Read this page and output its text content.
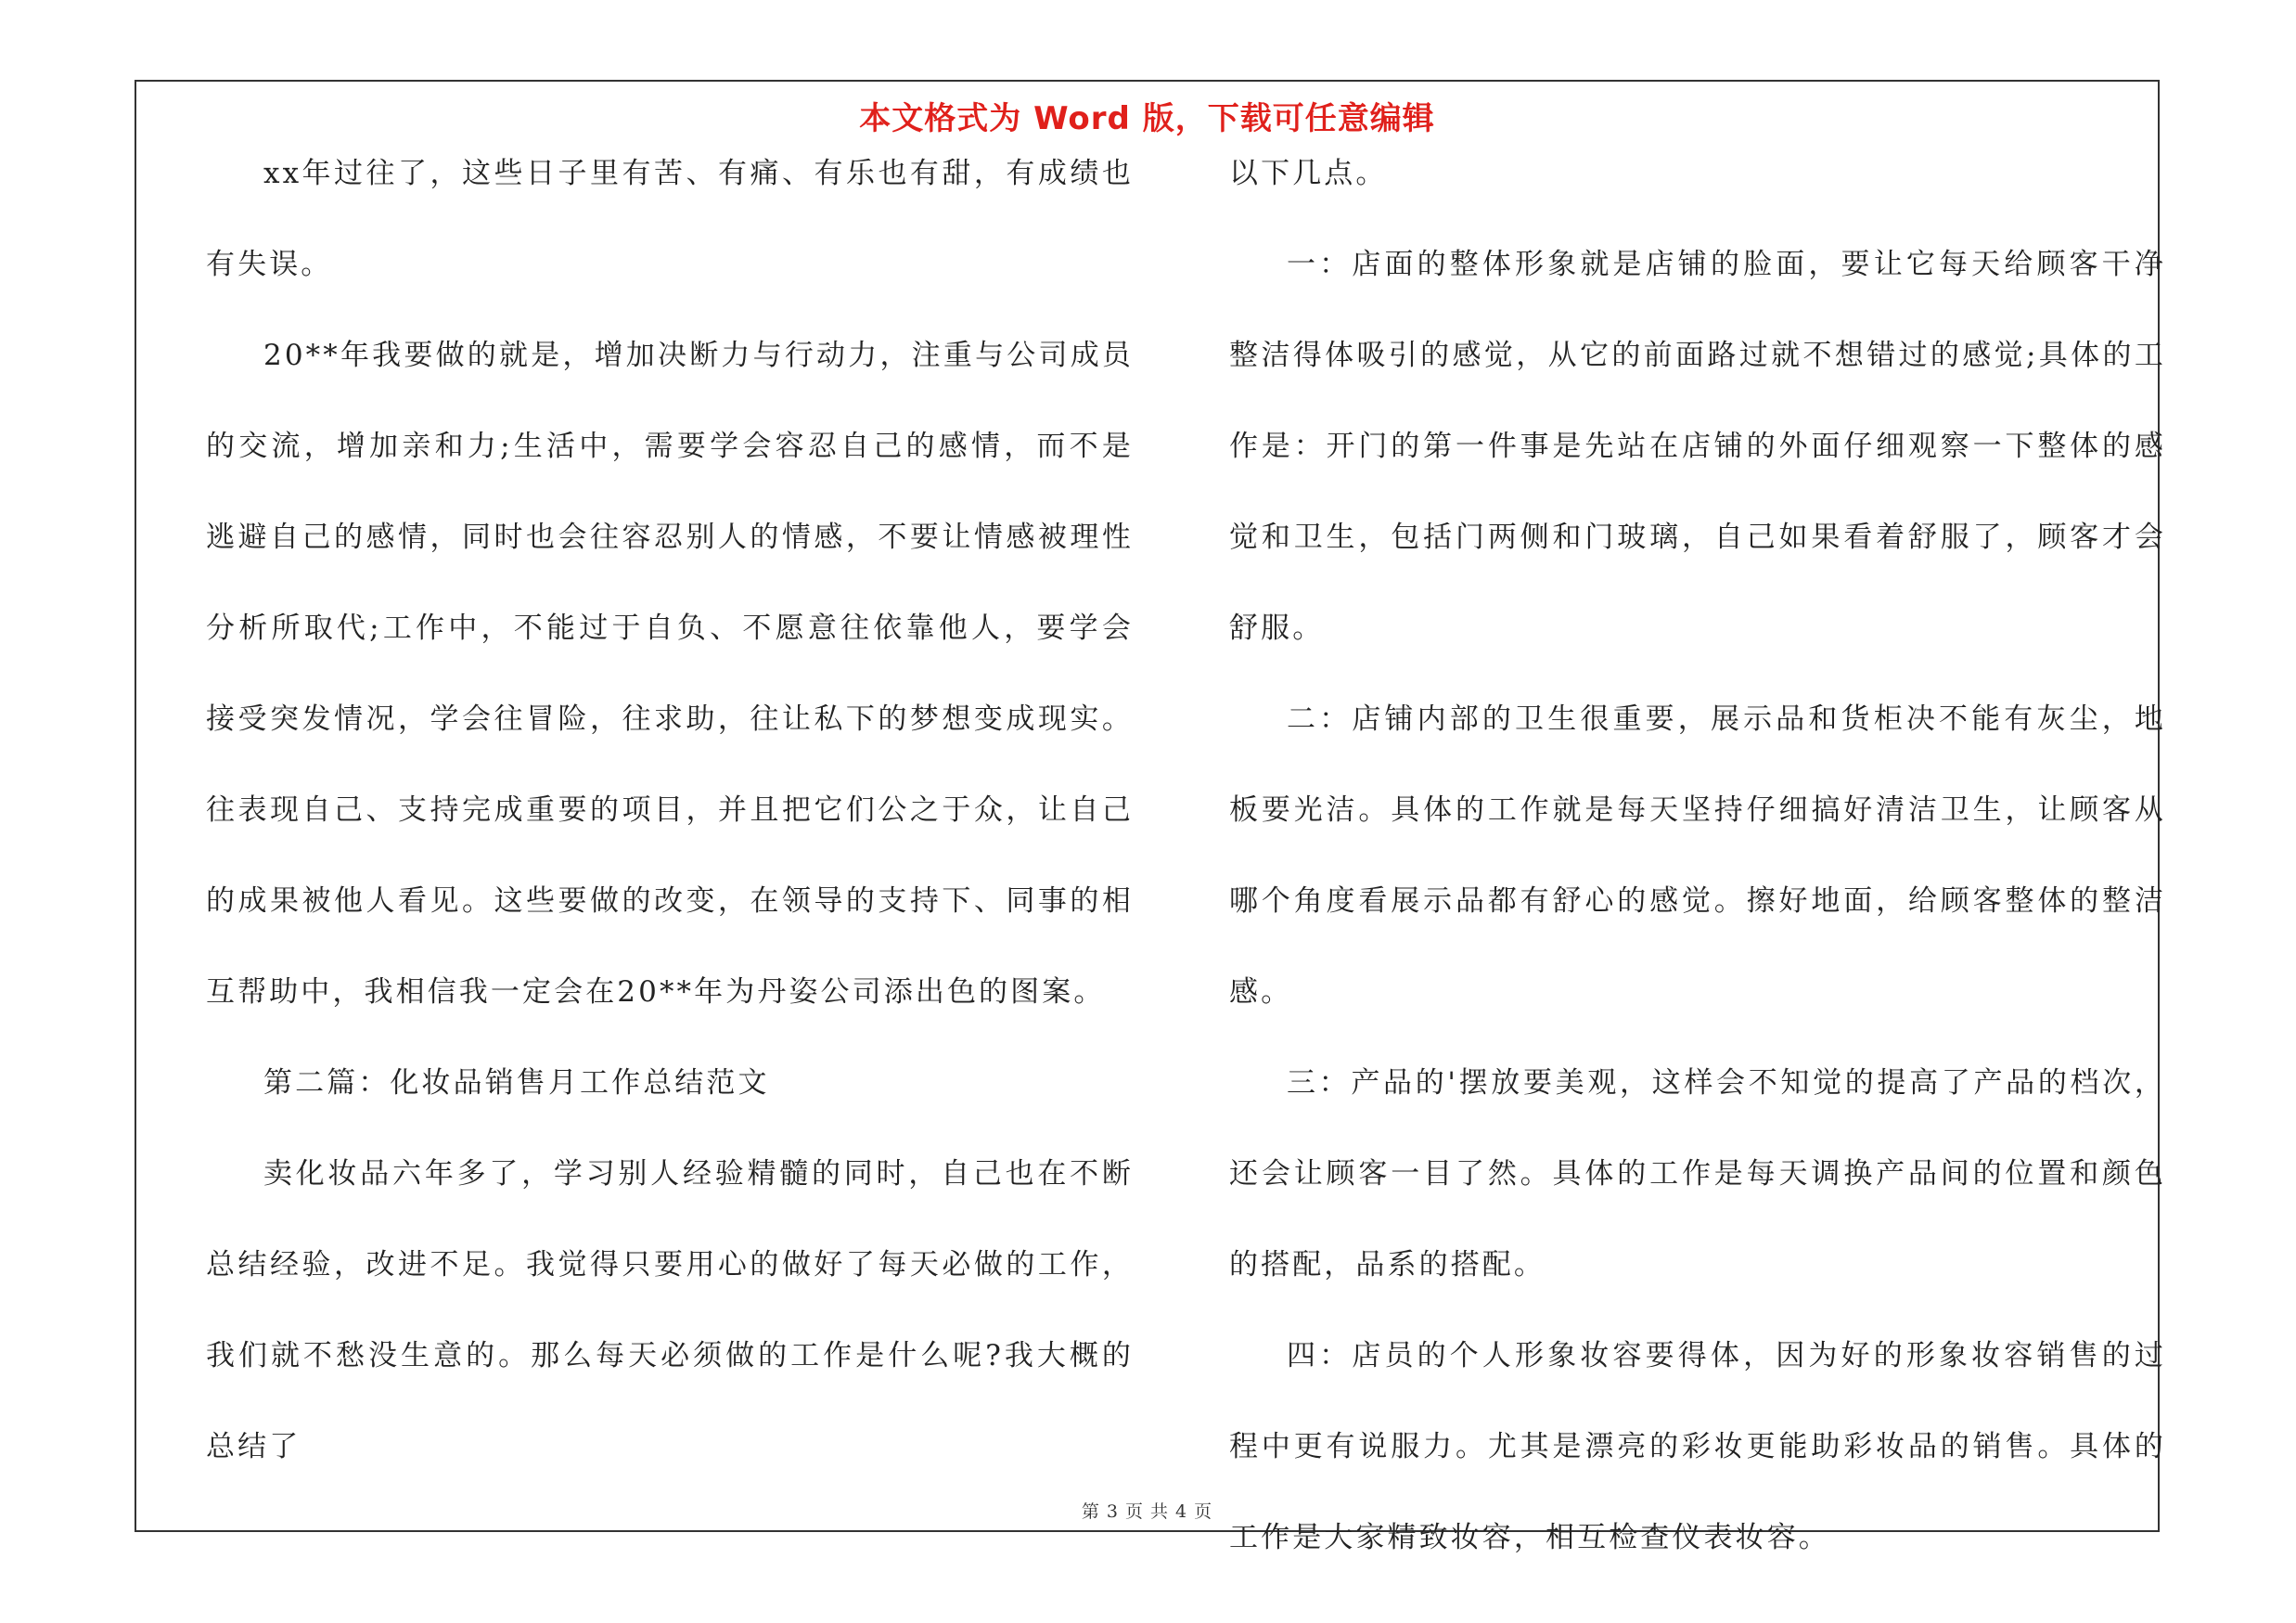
本文格式为 Word 版，下载可任意编辑

xx年过往了，这些日子里有苦、有痛、有乐也有甜，有成绩也有失误。

20**年我要做的就是，增加决断力与行动力，注重与公司成员的交流，增加亲和力;生活中，需要学会容忍自己的感情，而不是逃避自己的感情，同时也会往容忍别人的情感，不要让情感被理性分析所取代;工作中，不能过于自负、不愿意往依靠他人，要学会接受突发情况，学会往冒险，往求助，往让私下的梦想变成现实。往表现自己、支持完成重要的项目，并且把它们公之于众，让自己的成果被他人看见。这些要做的改变，在领导的支持下、同事的相互帮助中，我相信我一定会在20**年为丹姿公司添出色的图案。

第二篇：化妆品销售月工作总结范文

卖化妆品六年多了，学习别人经验精髓的同时，自己也在不断总结经验，改进不足。我觉得只要用心的做好了每天必做的工作，我们就不愁没生意的。那么每天必须做的工作是什么呢?我大概的总结了

以下几点。

一：店面的整体形象就是店铺的脸面，要让它每天给顾客干净整洁得体吸引的感觉，从它的前面路过就不想错过的感觉;具体的工作是：开门的第一件事是先站在店铺的外面仔细观察一下整体的感觉和卫生，包括门两侧和门玻璃，自己如果看着舒服了，顾客才会舒服。

二：店铺内部的卫生很重要，展示品和货柜决不能有灰尘，地板要光洁。具体的工作就是每天坚持仔细搞好清洁卫生，让顾客从哪个角度看展示品都有舒心的感觉。擦好地面，给顾客整体的整洁感。

三：产品的'摆放要美观，这样会不知觉的提高了产品的档次，还会让顾客一目了然。具体的工作是每天调换产品间的位置和颜色的搭配，品系的搭配。

四：店员的个人形象妆容要得体，因为好的形象妆容销售的过程中更有说服力。尤其是漂亮的彩妆更能助彩妆品的销售。具体的工作是大家精致妆容，相互检查仪表妆容。

第 3 页 共 4 页
